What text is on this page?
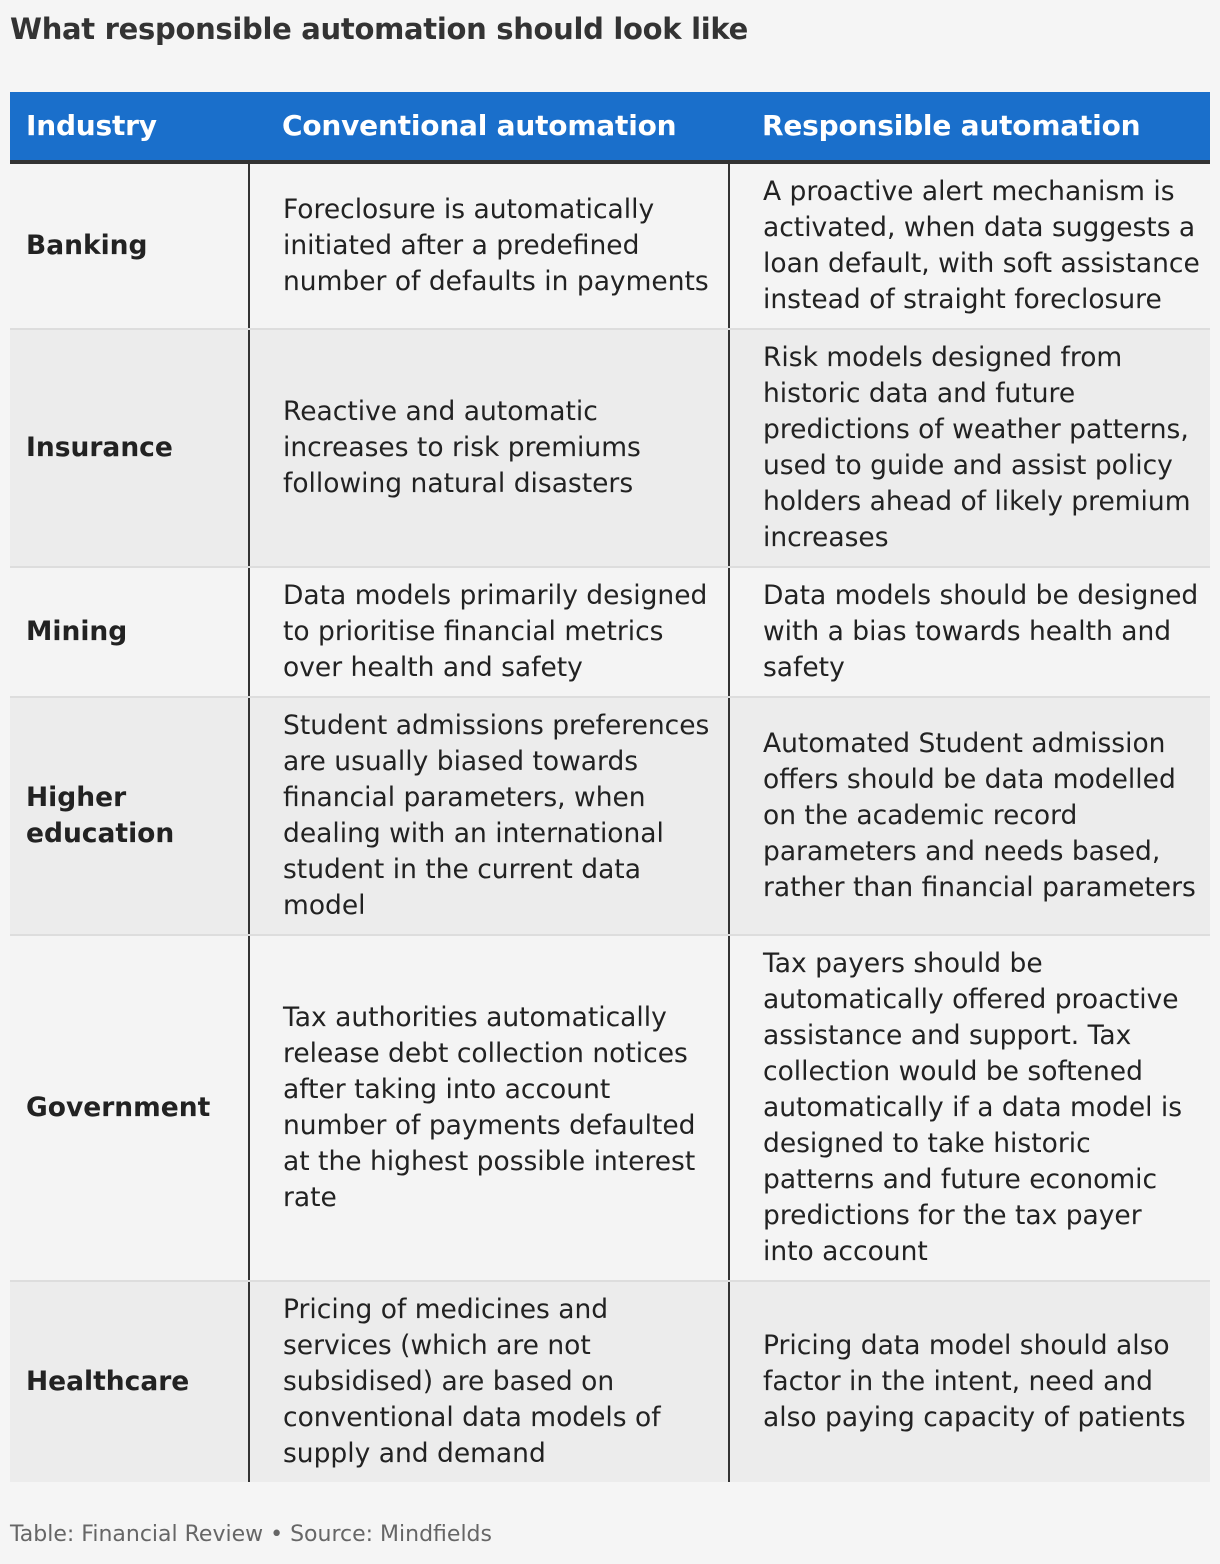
What responsible automation should look like
Industry	Conventional automation	Responsible automation
Banking
Foreclosure is automatically initiated after a predefined number of defaults in payments
A proactive alert mechanism is activated, when data suggests a loan default, with soft assistance instead of straight foreclosure
Insurance
Reactive and automatic increases to risk premiums following natural disasters
Risk models designed from historic data and future predictions of weather patterns, used to guide and assist policy holders ahead of likely premium increases
Mining
Data models primarily designed to prioritise financial metrics over health and safety
Data models should be designed with a bias towards health and safety
Higher education
Student admissions preferences are usually biased towards financial parameters, when dealing with an international student in the current data model
Automated Student admission offers should be data modelled on the academic record parameters and needs based, rather than financial parameters
Government
Tax authorities automatically release debt collection notices after taking into account number of payments defaulted at the highest possible interest rate
Tax payers should be automatically offered proactive assistance and support. Tax collection would be softened automatically if a data model is designed to take historic patterns and future economic predictions for the tax payer into account
Healthcare
Pricing of medicines and services (which are not subsidised) are based on conventional data models of supply and demand
Pricing data model should also factor in the intent, need and also paying capacity of patients
Table: Financial Review • Source: Mindfields
